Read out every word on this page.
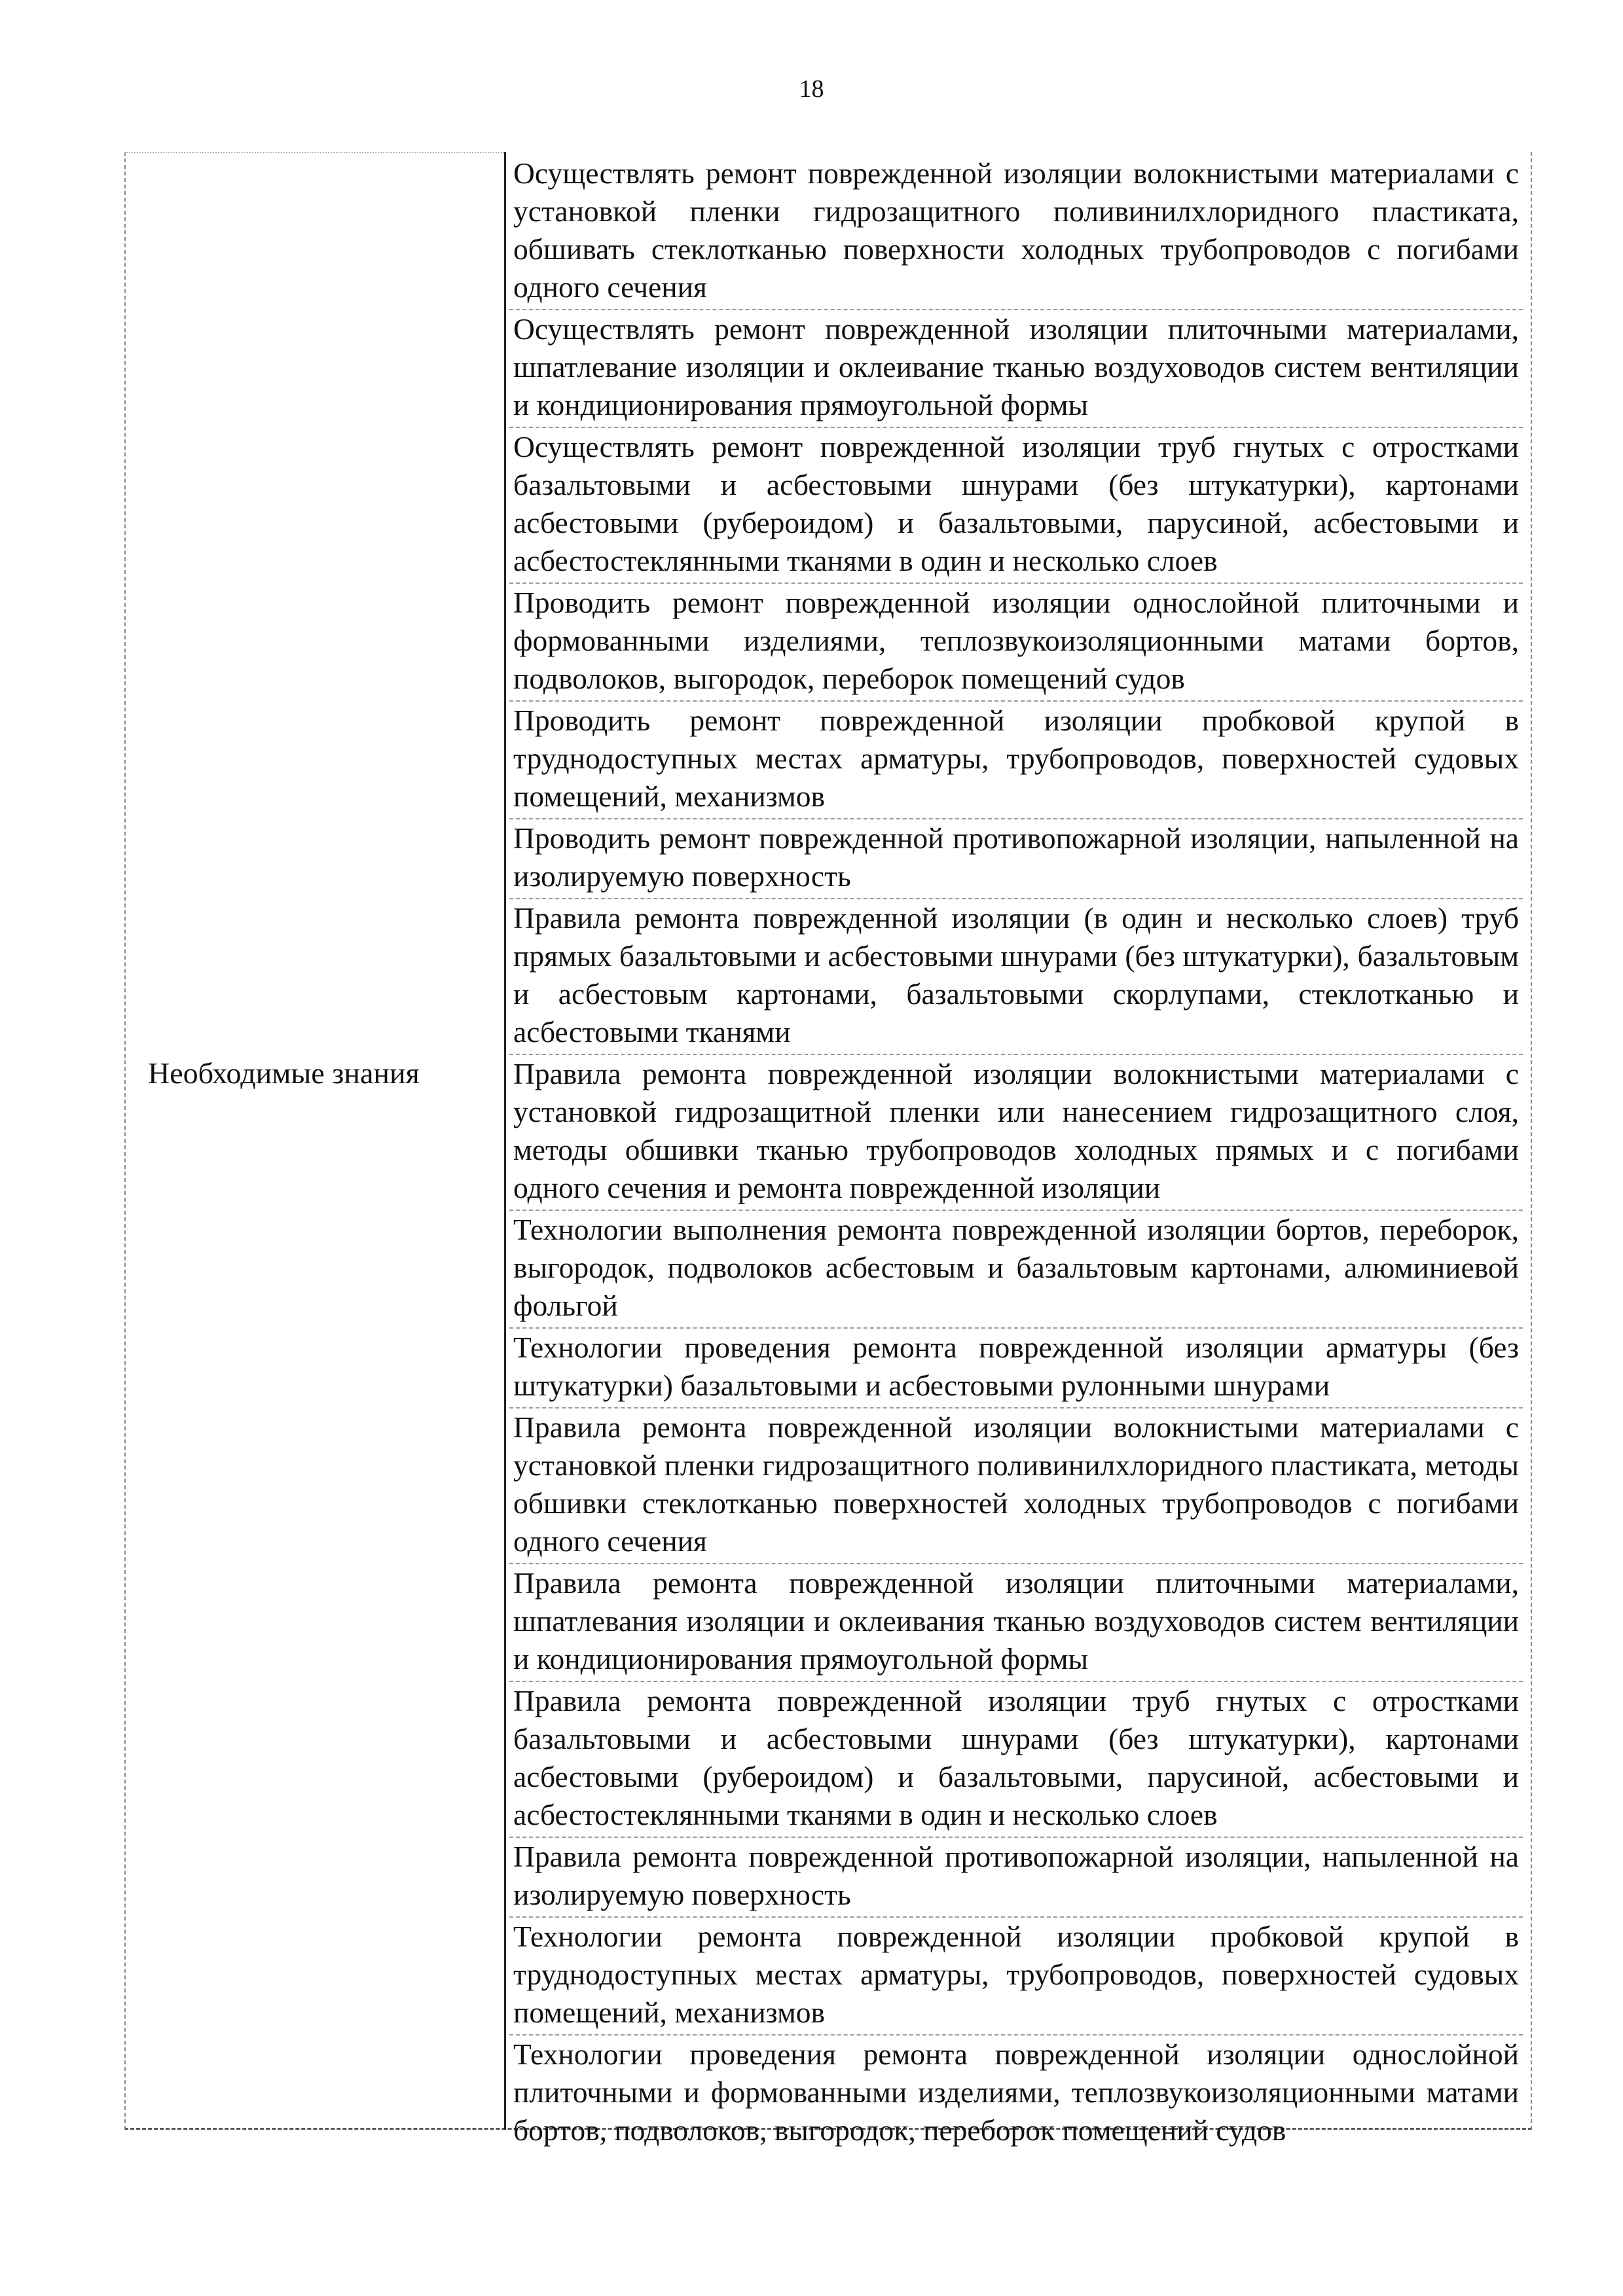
18
Необходимые знания
Осуществлять ремонт поврежденной изоляции волокнистыми материалами с установкой пленки гидрозащитного поливинилхлоридного пластиката, обшивать стеклотканью поверхности холодных трубопроводов с погибами одного сечения
Осуществлять ремонт поврежденной изоляции плиточными материалами, шпатлевание изоляции и оклеивание тканью воздуховодов систем вентиляции и кондиционирования прямоугольной формы
Осуществлять ремонт поврежденной изоляции труб гнутых с отростками базальтовыми и асбестовыми шнурами (без штукатурки), картонами асбестовыми (рубероидом) и базальтовыми, парусиной, асбестовыми и асбестостеклянными тканями в один и несколько слоев
Проводить ремонт поврежденной изоляции однослойной плиточными и формованными изделиями, теплозвукоизоляционными матами бортов, подволоков, выгородок, переборок помещений судов
Проводить ремонт поврежденной изоляции пробковой крупой в труднодоступных местах арматуры, трубопроводов, поверхностей судовых помещений, механизмов
Проводить ремонт поврежденной противопожарной изоляции, напыленной на изолируемую поверхность
Правила ремонта поврежденной изоляции (в один и несколько слоев) труб прямых базальтовыми и асбестовыми шнурами (без штукатурки), базальтовым и асбестовым картонами, базальтовыми скорлупами, стеклотканью и асбестовыми тканями
Правила ремонта поврежденной изоляции волокнистыми материалами с установкой гидрозащитной пленки или нанесением гидрозащитного слоя, методы обшивки тканью трубопроводов холодных прямых и с погибами одного сечения и ремонта поврежденной изоляции
Технологии выполнения ремонта поврежденной изоляции бортов, переборок, выгородок, подволоков асбестовым и базальтовым картонами, алюминиевой фольгой
Технологии проведения ремонта поврежденной изоляции арматуры (без штукатурки) базальтовыми и асбестовыми рулонными шнурами
Правила ремонта поврежденной изоляции волокнистыми материалами с установкой пленки гидрозащитного поливинилхлоридного пластиката, методы обшивки стеклотканью поверхностей холодных трубопроводов с погибами одного сечения
Правила ремонта поврежденной изоляции плиточными материалами, шпатлевания изоляции и оклеивания тканью воздуховодов систем вентиляции и кондиционирования прямоугольной формы
Правила ремонта поврежденной изоляции труб гнутых с отростками базальтовыми и асбестовыми шнурами (без штукатурки), картонами асбестовыми (рубероидом) и базальтовыми, парусиной, асбестовыми и асбестостеклянными тканями в один и несколько слоев
Правила ремонта поврежденной противопожарной изоляции, напыленной на изолируемую поверхность
Технологии ремонта поврежденной изоляции пробковой крупой в труднодоступных местах арматуры, трубопроводов, поверхностей судовых помещений, механизмов
Технологии проведения ремонта поврежденной изоляции однослойной плиточными и формованными изделиями, теплозвукоизоляционными матами бортов, подволоков, выгородок, переборок помещений судов
